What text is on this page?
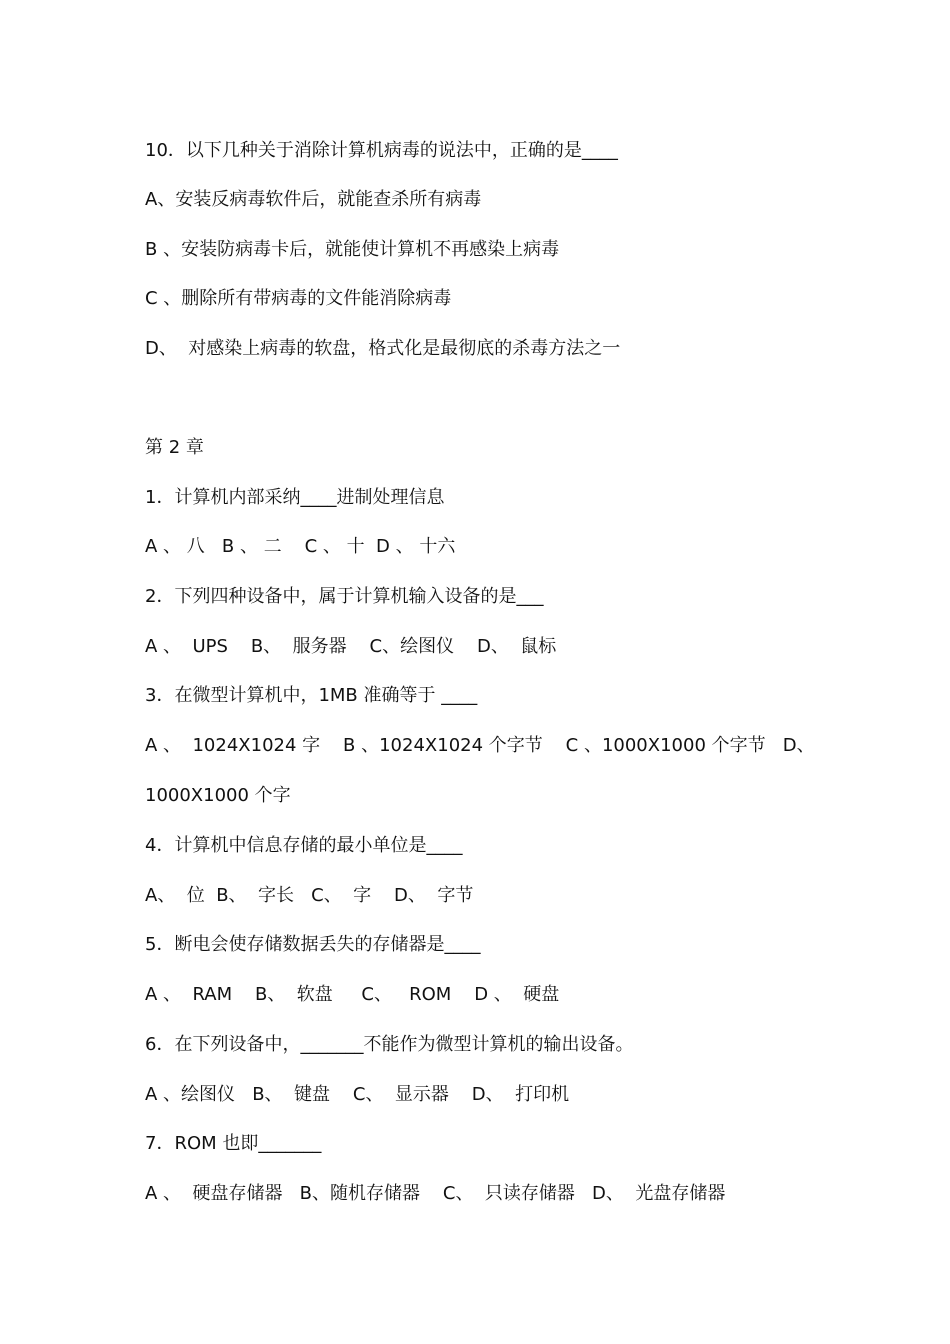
10．以下几种关于消除计算机病毒的说法中，正确的是____
A、安装反病毒软件后，就能查杀所有病毒
B 、安装防病毒卡后，就能使计算机不再感染上病毒
C 、删除所有带病毒的文件能消除病毒
D、  对感染上病毒的软盘，格式化是最彻底的杀毒方法之一
第 2 章
1．计算机内部采纳____进制处理信息
A 、 八   B 、 二    C 、 十  D 、 十六
2．下列四种设备中，属于计算机输入设备的是___
A 、  UPS    B、  服务器    C、绘图仪    D、  鼠标
3．在微型计算机中，1MB 准确等于 ____
A 、  1024X1024 字    B 、1024X1024 个字节    C 、1000X1000 个字节   D、
1000X1000 个字
4．计算机中信息存储的最小单位是____
A、  位  B、  字长   C、  字    D、  字节
5．断电会使存储数据丢失的存储器是____
A 、  RAM    B、  软盘     C、   ROM    D 、  硬盘
6．在下列设备中，_______不能作为微型计算机的输出设备。
A 、绘图仪   B、  键盘    C、  显示器    D、  打印机
7．ROM 也即_______
A 、  硬盘存储器   B、随机存储器    C、  只读存储器   D、  光盘存储器
